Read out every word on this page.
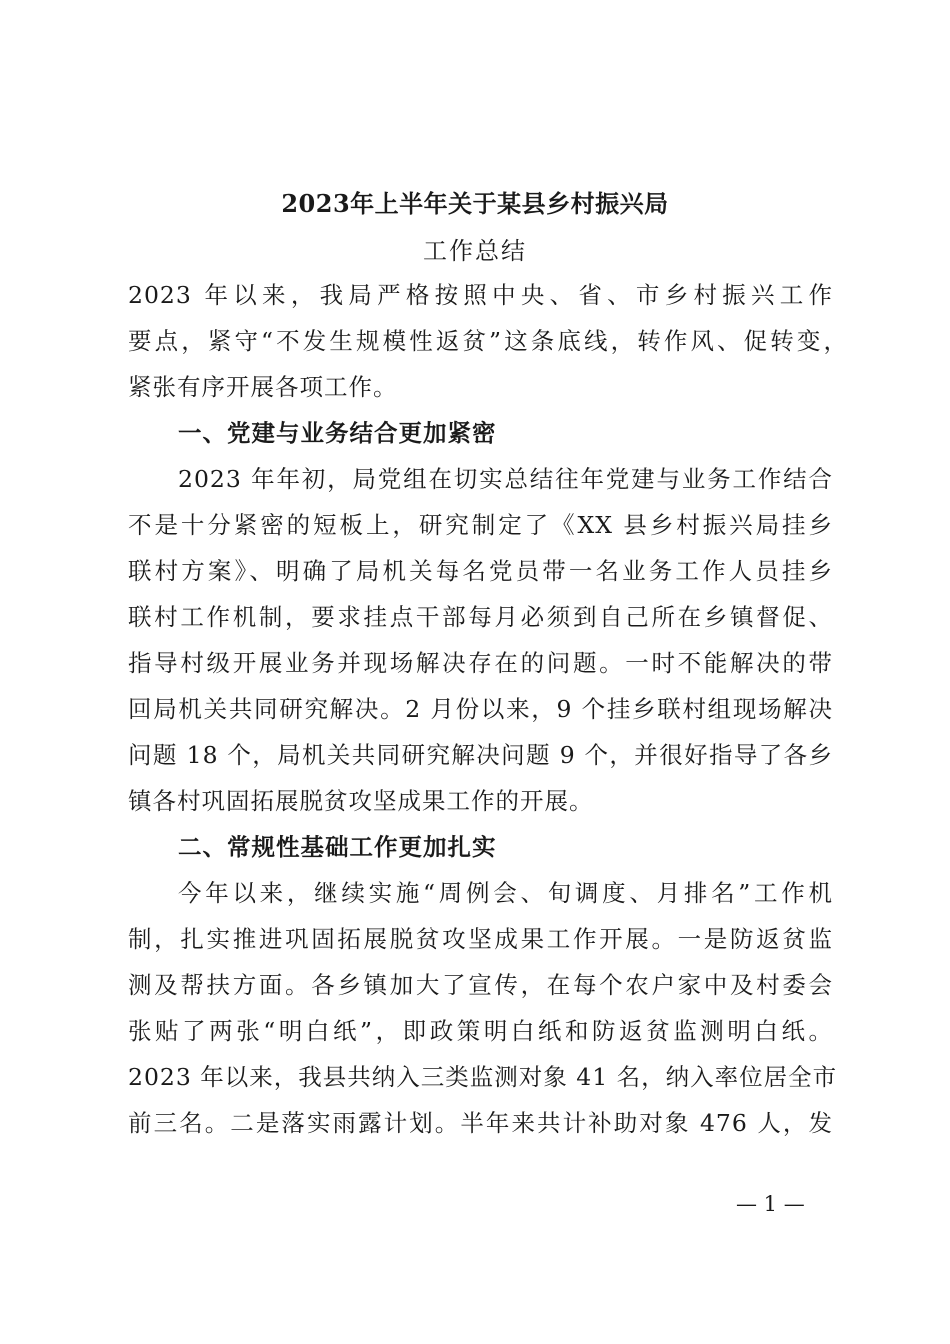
2023年上半年关于某县乡村振兴局
工作总结
2023 年以来，我局严格按照中央、省、市乡村振兴工作
要点，紧守“不发生规模性返贫”这条底线，转作风、促转变，
紧张有序开展各项工作。
一、党建与业务结合更加紧密
2023 年年初，局党组在切实总结往年党建与业务工作结合
不是十分紧密的短板上，研究制定了《XX 县乡村振兴局挂乡
联村方案》、明确了局机关每名党员带一名业务工作人员挂乡
联村工作机制，要求挂点干部每月必须到自己所在乡镇督促、
指导村级开展业务并现场解决存在的问题。一时不能解决的带
回局机关共同研究解决。2 月份以来，9 个挂乡联村组现场解决
问题 18 个，局机关共同研究解决问题 9 个，并很好指导了各乡
镇各村巩固拓展脱贫攻坚成果工作的开展。
二、常规性基础工作更加扎实
今年以来，继续实施“周例会、旬调度、月排名”工作机
制，扎实推进巩固拓展脱贫攻坚成果工作开展。一是防返贫监
测及帮扶方面。各乡镇加大了宣传，在每个农户家中及村委会
张贴了两张“明白纸”，即政策明白纸和防返贫监测明白纸。
2023 年以来，我县共纳入三类监测对象 41 名，纳入率位居全市
前三名。二是落实雨露计划。半年来共计补助对象 476 人，发
— 1 —
